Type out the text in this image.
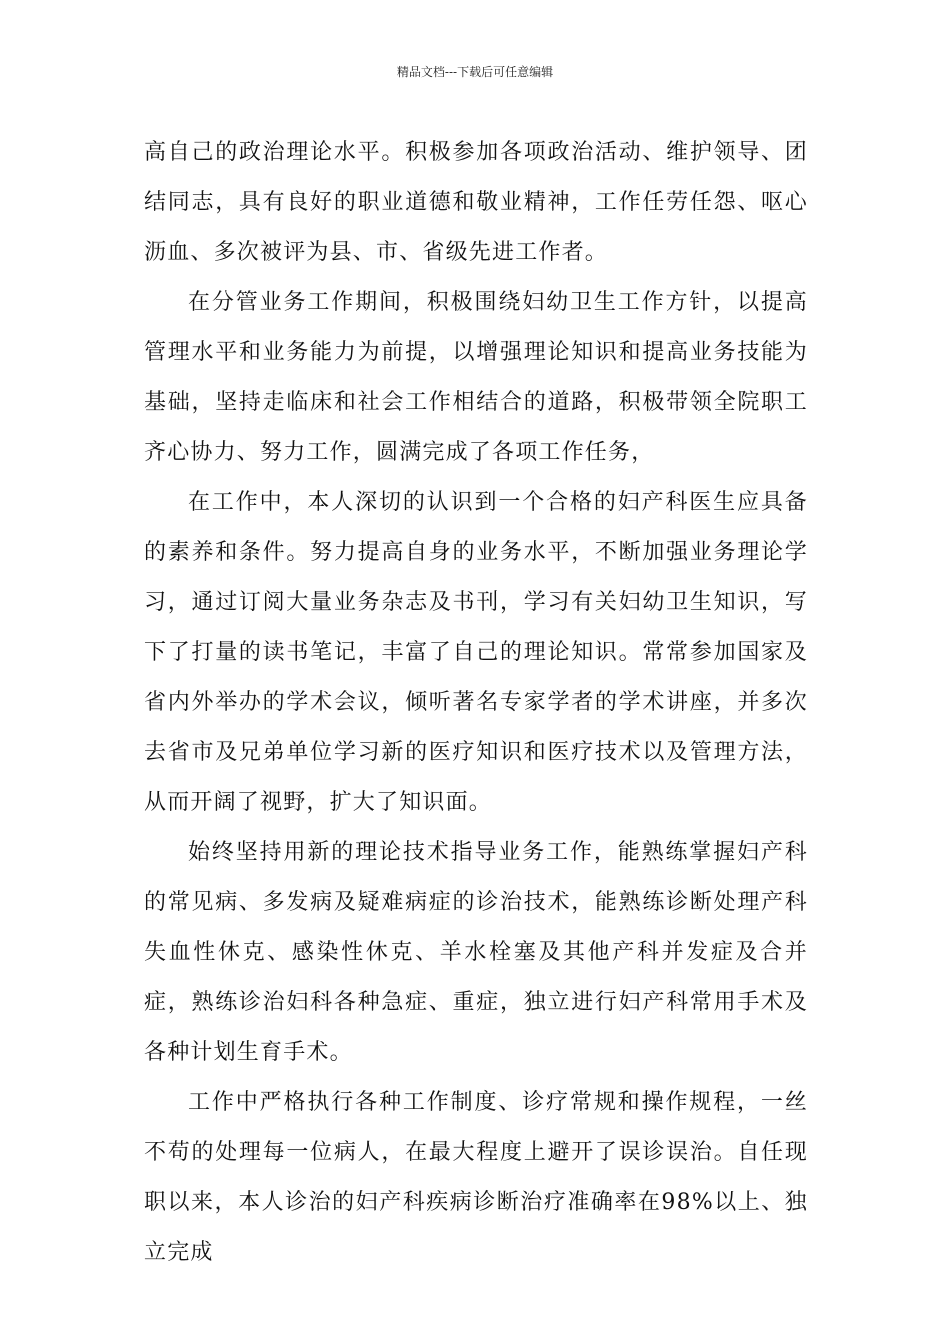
精品文档---下载后可任意编辑

高自己的政治理论水平。积极参加各项政治活动、维护领导、团结同志，具有良好的职业道德和敬业精神，工作任劳任怨、呕心沥血、多次被评为县、市、省级先进工作者。

在分管业务工作期间，积极围绕妇幼卫生工作方针，以提高管理水平和业务能力为前提，以增强理论知识和提高业务技能为基础，坚持走临床和社会工作相结合的道路，积极带领全院职工齐心协力、努力工作，圆满完成了各项工作任务，

在工作中，本人深切的认识到一个合格的妇产科医生应具备的素养和条件。努力提高自身的业务水平，不断加强业务理论学习，通过订阅大量业务杂志及书刊，学习有关妇幼卫生知识，写下了打量的读书笔记，丰富了自己的理论知识。常常参加国家及省内外举办的学术会议，倾听著名专家学者的学术讲座，并多次去省市及兄弟单位学习新的医疗知识和医疗技术以及管理方法，从而开阔了视野，扩大了知识面。

始终坚持用新的理论技术指导业务工作，能熟练掌握妇产科的常见病、多发病及疑难病症的诊治技术，能熟练诊断处理产科失血性休克、感染性休克、羊水栓塞及其他产科并发症及合并症，熟练诊治妇科各种急症、重症，独立进行妇产科常用手术及各种计划生育手术。

工作中严格执行各种工作制度、诊疗常规和操作规程，一丝不苟的处理每一位病人，在最大程度上避开了误诊误治。自任现职以来，本人诊治的妇产科疾病诊断治疗准确率在98%以上、独立完成
